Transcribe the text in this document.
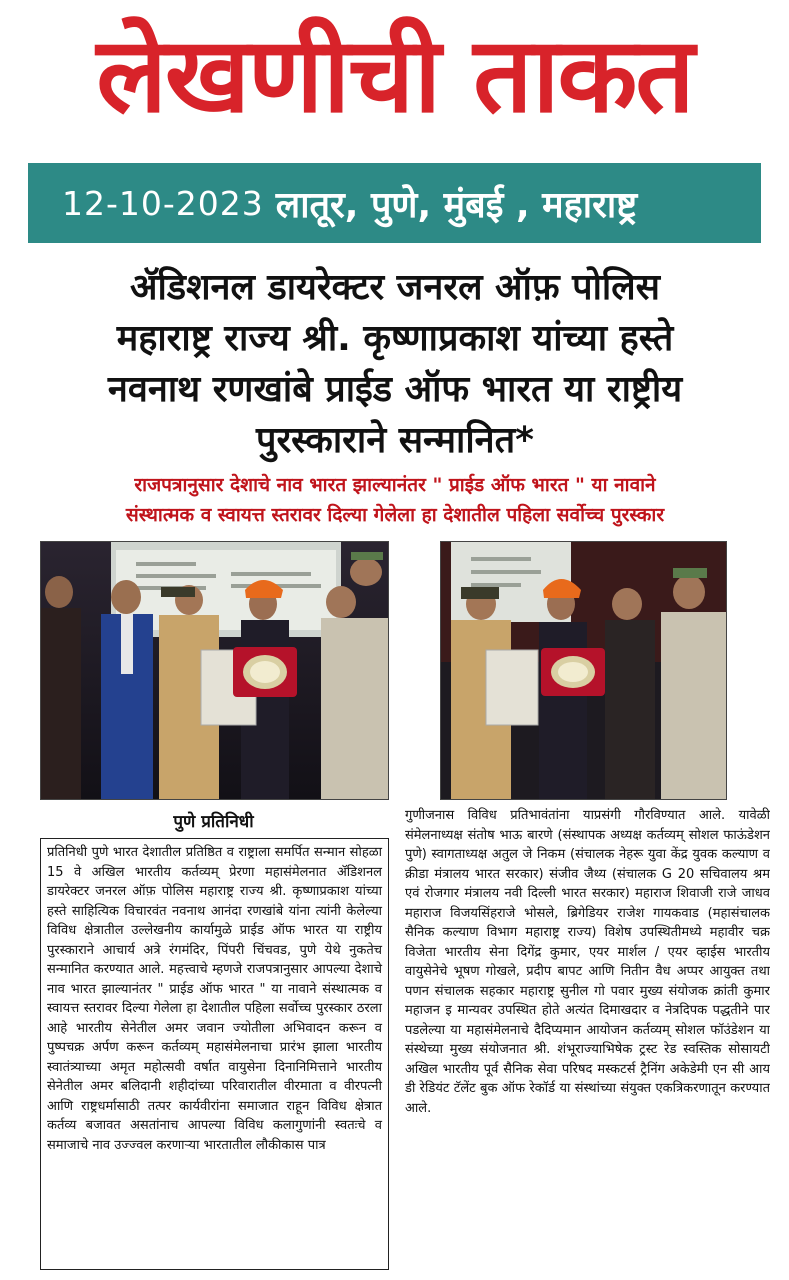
लेखणीची ताकत
12-10-2023 लातूर, पुणे, मुंबई , महाराष्ट्र
ॲडिशनल डायरेक्टर जनरल ऑफ़ पोलिस
महाराष्ट्र राज्य श्री. कृष्णाप्रकाश यांच्या हस्ते
नवनाथ रणखांबे प्राईड ऑफ भारत या राष्ट्रीय
पुरस्काराने सन्मानित*
राजपत्रानुसार देशाचे नाव भारत झाल्यानंतर " प्राईड ऑफ भारत " या नावाने
संस्थात्मक व स्वायत्त स्तरावर दिल्या गेलेला हा देशातील पहिला सर्वोच्च पुरस्कार
पुणे प्रतिनिधी

प्रतिनिधी पुणे भारत देशातील प्रतिष्ठित व राष्ट्राला समर्पित सन्मान सोहळा 15 वे अखिल भारतीय कर्तव्यम् प्रेरणा महासंमेलनात ॲडिशनल डायरेक्टर जनरल ऑफ़ पोलिस महाराष्ट्र राज्य श्री. कृष्णाप्रकाश यांच्या हस्ते साहित्यिक विचारवंत नवनाथ आनंदा रणखांबे यांना त्यांनी केलेल्या विविध क्षेत्रातील उल्लेखनीय कार्यामुळे प्राईड ऑफ भारत या राष्ट्रीय पुरस्काराने आचार्य अत्रे रंगमंदिर, पिंपरी चिंचवड, पुणे येथे नुकतेच सन्मानित करण्यात आले. महत्त्वाचे म्हणजे राजपत्रानुसार आपल्या देशाचे नाव भारत झाल्यानंतर " प्राईड ऑफ भारत " या नावाने संस्थात्मक व स्वायत्त स्तरावर दिल्या गेलेला हा देशातील पहिला सर्वोच्च पुरस्कार ठरला आहे भारतीय सेनेतील अमर जवान ज्योतीला अभिवादन करून व पुष्पचक्र अर्पण करून कर्तव्यम् महासंमेलनाचा प्रारंभ झाला भारतीय स्वातंत्र्याच्या अमृत महोत्सवी वर्षात वायुसेना दिनानिमित्ताने भारतीय सेनेतील अमर बलिदानी शहीदांच्या परिवारातील वीरमाता व वीरपत्नी आणि राष्ट्रधर्मासाठी तत्पर कार्यवीरांना समाजात राहून विविध क्षेत्रात कर्तव्य बजावत असतांनाच आपल्या विविध कलागुणांनी स्वतःचे व समाजाचे नाव उज्ज्वल करणाऱ्या भारतातील लौकीकास पात्र

गुणीजनास विविध प्रतिभावंतांना याप्रसंगी गौरविण्यात आले. यावेळी संमेलनाध्यक्ष संतोष भाऊ बारणे (संस्थापक अध्यक्ष कर्तव्यम् सोशल फाऊंडेशन पुणे) स्वागताध्यक्ष अतुल जे निकम (संचालक नेहरू युवा केंद्र युवक कल्याण व क्रीडा मंत्रालय भारत सरकार) संजीव जैथ्य (संचालक G 20 सचिवालय श्रम एवं रोजगार मंत्रालय नवी दिल्ली भारत सरकार) महाराज शिवाजी राजे जाधव महाराज विजयसिंहराजे भोसले, ब्रिगेडियर राजेश गायकवाड (महासंचालक सैनिक कल्याण विभाग महाराष्ट्र राज्य) विशेष उपस्थितीमध्ये महावीर चक्र विजेता भारतीय सेना दिगेंद्र कुमार, एयर मार्शल / एयर व्हाईस भारतीय वायुसेनेचे भूषण गोखले, प्रदीप बापट आणि नितीन वैध अप्पर आयुक्त तथा पणन संचालक सहकार महाराष्ट्र सुनील गो पवार मुख्य संयोजक क्रांती कुमार महाजन इ मान्यवर उपस्थित होते अत्यंत दिमाखदार व नेत्रदिपक पद्धतीने पार पडलेल्या या महासंमेलनाचे दैदिप्यमान आयोजन कर्तव्यम् सोशल फॉउंडेशन या संस्थेच्या मुख्य संयोजनात श्री. शंभूराज्याभिषेक ट्रस्ट रेड स्वस्तिक सोसायटी अखिल भारतीय पूर्व सैनिक सेवा परिषद मस्कटर्स ट्रैनिंग अकेडेमी एन सी आय डी रेडियंट टॅलेंट बुक ऑफ रेकॉर्ड या संस्थांच्या संयुक्त एकत्रिकरणातून करण्यात आले.
